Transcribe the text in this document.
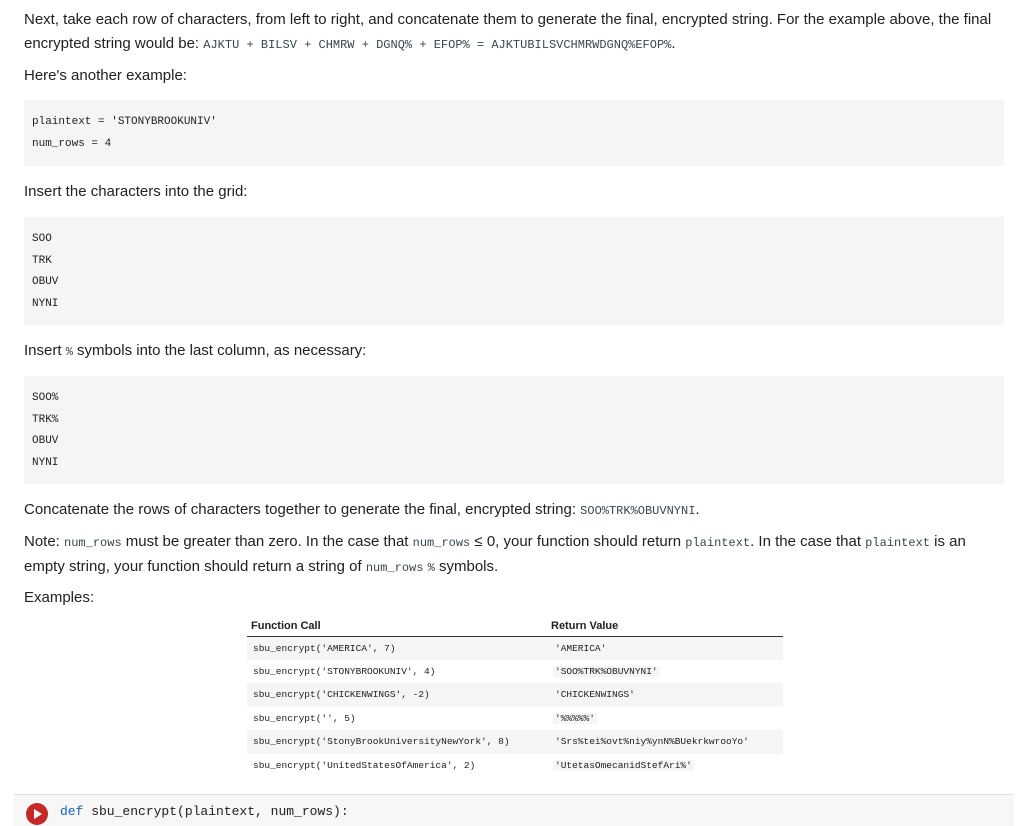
Next, take each row of characters, from left to right, and concatenate them to generate the final, encrypted string. For the example above, the final encrypted string would be: AJKTU + BILSV + CHMRW + DGNQ% + EFOP% = AJKTUBILSVCHMRWDGNQ%EFOP%.
Here's another example:
plaintext = 'STONYBROOKUNIV'
num_rows = 4
Insert the characters into the grid:
SOO
TRK
OBUV
NYNI
Insert % symbols into the last column, as necessary:
SOO%
TRK%
OBUV
NYNI
Concatenate the rows of characters together to generate the final, encrypted string: SOO%TRK%OBUVNYNI.
Note: num_rows must be greater than zero. In the case that num_rows ≤ 0, your function should return plaintext. In the case that plaintext is an empty string, your function should return a string of num_rows % symbols.
Examples:
Function Call	Return Value
sbu_encrypt('AMERICA', 7)	'AMERICA'
sbu_encrypt('STONYBROOKUNIV', 4)	'SOO%TRK%OBUVNYNI'
sbu_encrypt('CHICKENWINGS', -2)	'CHICKENWINGS'
sbu_encrypt('', 5)	'%%%%%'
sbu_encrypt('StonyBrookUniversityNewYork', 8)	'Srs%tei%ovt%niy%ynN%BUekrkwrooYo'
sbu_encrypt('UnitedStatesOfAmerica', 2)	'UtetasOmecanidStefAri%'
def sbu_encrypt(plaintext, num_rows):
